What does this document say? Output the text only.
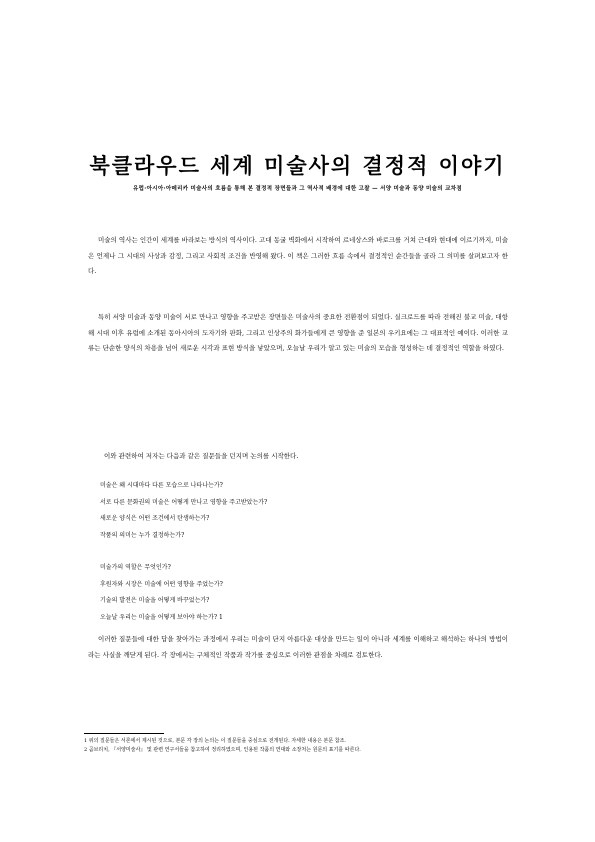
북클라우드 세계 미술사의 결정적 이야기
유럽·아시아·아메리카 미술사의 흐름을 통해 본 결정적 장면들과 그 역사적 배경에 대한 고찰 — 서양 미술과 동양 미술의 교차점

미술의 역사는 인간이 세계를 바라보는 방식의 역사이다. 고대 동굴 벽화에서 시작하여 르네상스와 바로크를 거쳐 근대와 현대에 이르기까지, 미술은 언제나 그 시대의 사상과 감정, 그리고 사회적 조건을 반영해 왔다. 이 책은 그러한 흐름 속에서 결정적인 순간들을 골라 그 의미를 살펴보고자 한다.

특히 서양 미술과 동양 미술이 서로 만나고 영향을 주고받은 장면들은 미술사의 중요한 전환점이 되었다. 실크로드를 따라 전해진 불교 미술, 대항해 시대 이후 유럽에 소개된 동아시아의 도자기와 판화, 그리고 인상주의 화가들에게 큰 영향을 준 일본의 우키요에는 그 대표적인 예이다. 이러한 교류는 단순한 양식의 차용을 넘어 새로운 시각과 표현 방식을 낳았으며, 오늘날 우리가 알고 있는 미술의 모습을 형성하는 데 결정적인 역할을 하였다.

이와 관련하여 저자는 다음과 같은 질문들을 던지며 논의를 시작한다.

미술은 왜 시대마다 다른 모습으로 나타나는가?
서로 다른 문화권의 미술은 어떻게 만나고 영향을 주고받았는가?
새로운 양식은 어떤 조건에서 탄생하는가?
작품의 의미는 누가 결정하는가?
미술가의 역할은 무엇인가?
후원자와 시장은 미술에 어떤 영향을 주었는가?
기술의 발전은 미술을 어떻게 바꾸었는가?
오늘날 우리는 미술을 어떻게 보아야 하는가? 1

이러한 질문들에 대한 답을 찾아가는 과정에서 우리는 미술이 단지 아름다운 대상을 만드는 일이 아니라 세계를 이해하고 해석하는 하나의 방법이라는 사실을 깨닫게 된다. 각 장에서는 구체적인 작품과 작가를 중심으로 이러한 관점을 차례로 검토한다.

1 위의 질문들은 서론에서 제시된 것으로, 본문 각 장의 논의는 이 질문들을 중심으로 전개된다. 자세한 내용은 본문 참조.
2 곰브리치, 『서양미술사』 및 관련 연구서들을 참고하여 정리하였으며, 인용된 작품의 연대와 소장처는 원문의 표기를 따른다.
